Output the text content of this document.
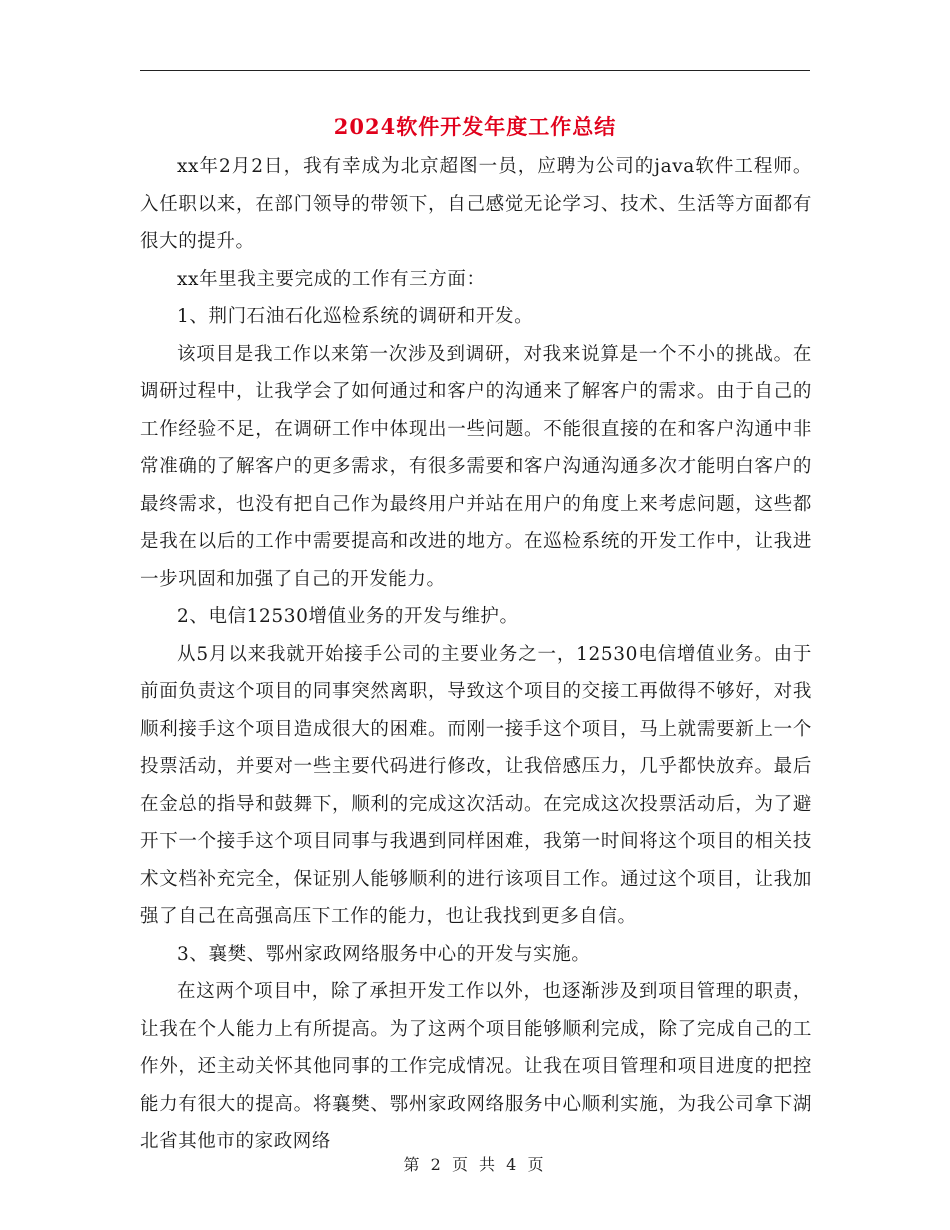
2024软件开发年度工作总结

xx年2月2日，我有幸成为北京超图一员，应聘为公司的java软件工程师。入任职以来，在部门领导的带领下，自己感觉无论学习、技术、生活等方面都有很大的提升。

xx年里我主要完成的工作有三方面：

1、荆门石油石化巡检系统的调研和开发。

该项目是我工作以来第一次涉及到调研，对我来说算是一个不小的挑战。在调研过程中，让我学会了如何通过和客户的沟通来了解客户的需求。由于自己的工作经验不足，在调研工作中体现出一些问题。不能很直接的在和客户沟通中非常准确的了解客户的更多需求，有很多需要和客户沟通沟通多次才能明白客户的最终需求，也没有把自己作为最终用户并站在用户的角度上来考虑问题，这些都是我在以后的工作中需要提高和改进的地方。在巡检系统的开发工作中，让我进一步巩固和加强了自己的开发能力。

2、电信12530增值业务的开发与维护。

从5月以来我就开始接手公司的主要业务之一，12530电信增值业务。由于前面负责这个项目的同事突然离职，导致这个项目的交接工再做得不够好，对我顺利接手这个项目造成很大的困难。而刚一接手这个项目，马上就需要新上一个投票活动，并要对一些主要代码进行修改，让我倍感压力，几乎都快放弃。最后在金总的指导和鼓舞下，顺利的完成这次活动。在完成这次投票活动后，为了避开下一个接手这个项目同事与我遇到同样困难，我第一时间将这个项目的相关技术文档补充完全，保证别人能够顺利的进行该项目工作。通过这个项目，让我加强了自己在高强高压下工作的能力，也让我找到更多自信。

3、襄樊、鄂州家政网络服务中心的开发与实施。

在这两个项目中，除了承担开发工作以外，也逐渐涉及到项目管理的职责，让我在个人能力上有所提高。为了这两个项目能够顺利完成，除了完成自己的工作外，还主动关怀其他同事的工作完成情况。让我在项目管理和项目进度的把控能力有很大的提高。将襄樊、鄂州家政网络服务中心顺利实施，为我公司拿下湖北省其他市的家政网络

第 2 页 共 4 页
